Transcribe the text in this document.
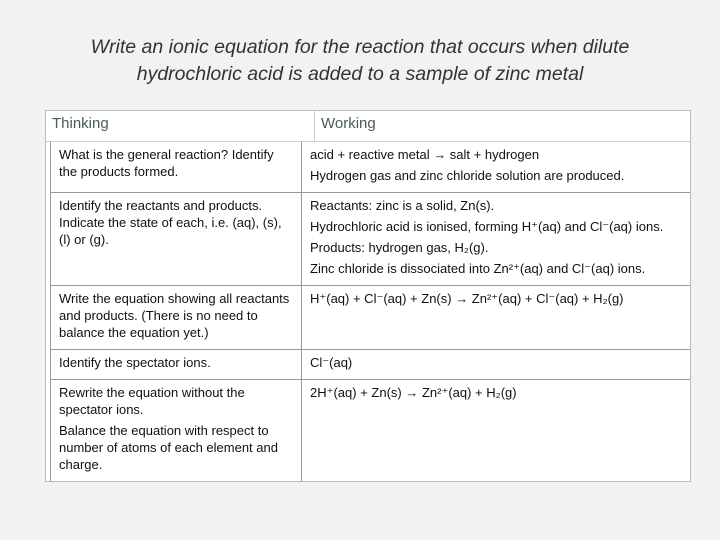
Write an ionic equation for the reaction that occurs when dilute
hydrochloric acid is added to a sample of zinc metal
Thinking	Working

What is the general reaction? Identify the products formed.

acid + reactive metal → salt + hydrogen

Hydrogen gas and zinc chloride solution are produced.

Identify the reactants and products. Indicate the state of each, i.e. (aq), (s), (l) or (g).

Reactants: zinc is a solid, Zn(s).

Hydrochloric acid is ionised, forming H⁺(aq) and Cl⁻(aq) ions.

Products: hydrogen gas, H₂(g).

Zinc chloride is dissociated into Zn²⁺(aq) and Cl⁻(aq) ions.

Write the equation showing all reactants and products. (There is no need to balance the equation yet.)

H⁺(aq) + Cl⁻(aq) + Zn(s) → Zn²⁺(aq) + Cl⁻(aq) + H₂(g)

Identify the spectator ions.	Cl⁻(aq)

Rewrite the equation without the spectator ions.

Balance the equation with respect to number of atoms of each element and charge.

2H⁺(aq) + Zn(s) → Zn²⁺(aq) + H₂(g)
